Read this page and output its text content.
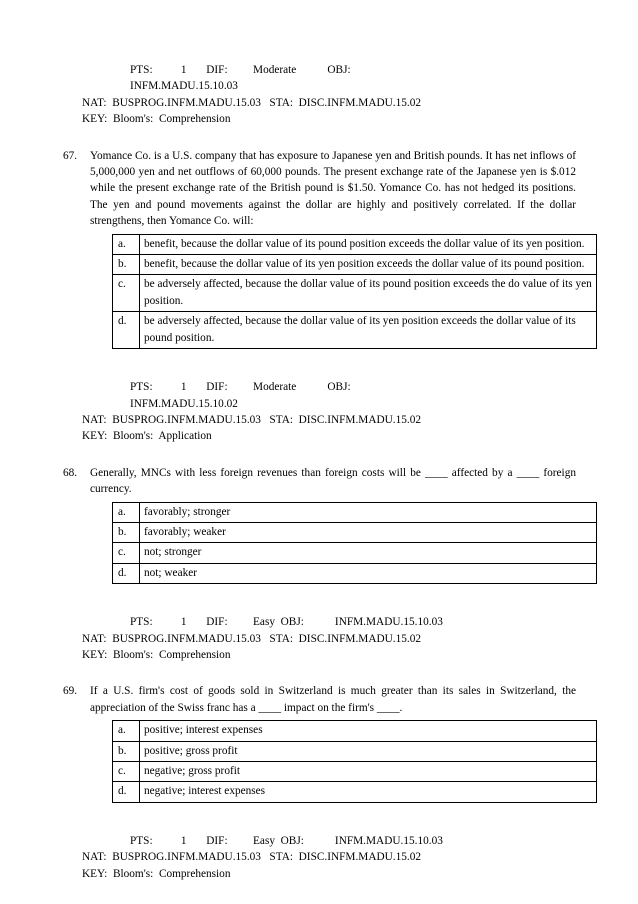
PTS:          1       DIF:         Moderate           OBJ:
INFM.MADU.15.10.03
NAT:  BUSPROG.INFM.MADU.15.03   STA:  DISC.INFM.MADU.15.02
KEY:  Bloom's:  Comprehension
67.	Yomance Co. is a U.S. company that has exposure to Japanese yen and British pounds. It has net inflows of 5,000,000 yen and net outflows of 60,000 pounds. The present exchange rate of the Japanese yen is $.012 while the present exchange rate of the British pound is $1.50. Yomance Co. has not hedged its positions. The yen and pound movements against the dollar are highly and positively correlated. If the dollar strengthens, then Yomance Co. will:
a.	benefit, because the dollar value of its pound position exceeds the dollar value of its yen position.
b.	benefit, because the dollar value of its yen position exceeds the dollar value of its pound position.
c.	be adversely affected, because the dollar value of its pound position exceeds the do value of its yen position.
d.	be adversely affected, because the dollar value of its yen position exceeds the dollar value of its pound position.
PTS:          1       DIF:         Moderate           OBJ:
INFM.MADU.15.10.02
NAT:  BUSPROG.INFM.MADU.15.03   STA:  DISC.INFM.MADU.15.02
KEY:  Bloom's:  Application
68.	Generally, MNCs with less foreign revenues than foreign costs will be ____ affected by a ____ foreign currency.
a.	favorably; stronger
b.	favorably; weaker
c.	not; stronger
d.	not; weaker
PTS:          1       DIF:         Easy  OBJ:           INFM.MADU.15.10.03
NAT:  BUSPROG.INFM.MADU.15.03   STA:  DISC.INFM.MADU.15.02
KEY:  Bloom's:  Comprehension
69.	If a U.S. firm's cost of goods sold in Switzerland is much greater than its sales in Switzerland, the appreciation of the Swiss franc has a ____ impact on the firm's ____.
a.	positive; interest expenses
b.	positive; gross profit
c.	negative; gross profit
d.	negative; interest expenses
PTS:          1       DIF:         Easy  OBJ:           INFM.MADU.15.10.03
NAT:  BUSPROG.INFM.MADU.15.03   STA:  DISC.INFM.MADU.15.02
KEY:  Bloom's:  Comprehension
